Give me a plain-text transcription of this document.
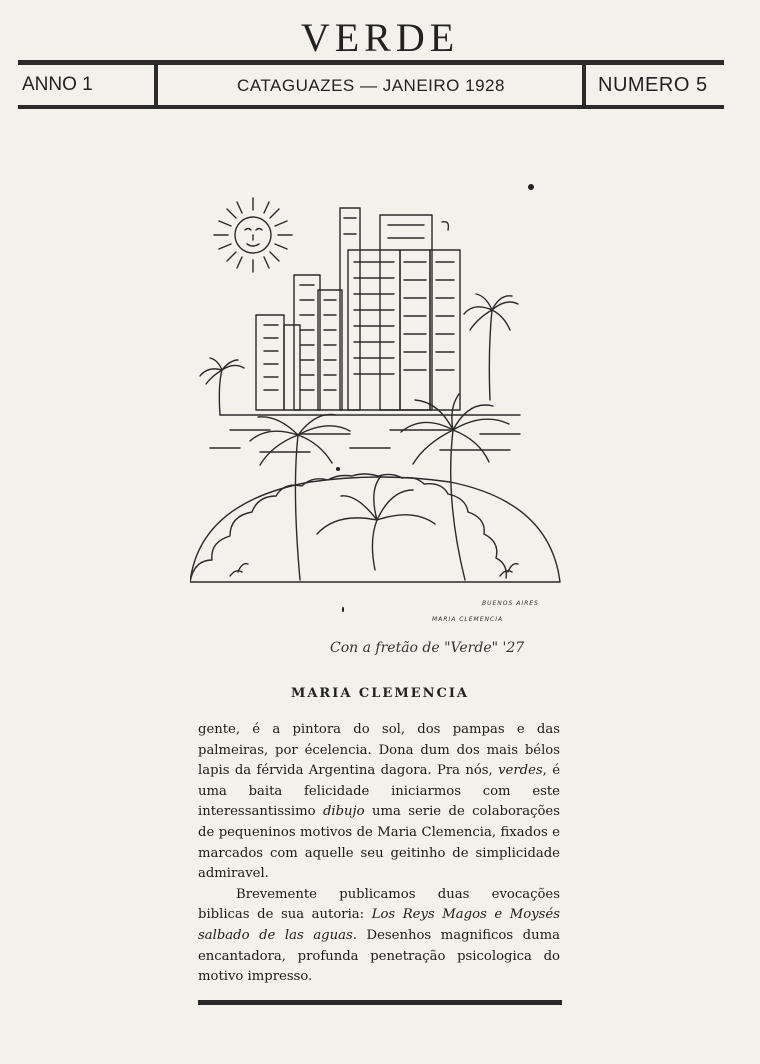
VERDE
ANNO 1	CATAGUAZES — JANEIRO 1928	NUMERO 5
BUENOS AIRES
MARIA CLEMENCIA
Con a fretão de "Verde" '27
MARIA CLEMENCIA

gente, é a pintora do sol, dos pampas e das palmeiras, por écelencia. Dona dum dos mais bélos lapis da férvida Argentina dagora. Pra nós, verdes, é uma baita felicidade iniciarmos com este interessantissimo dibujo uma serie de colaborações de pequeninos motivos de Maria Clemencia, fixados e marcados com aquelle seu geitinho de simplicidade admiravel.

Brevemente publicamos duas evocações biblicas de sua autoria: Los Reys Magos e Moysés salbado de las aguas. Desenhos magnificos duma encantadora, profunda penetração psicologica do motivo impresso.
